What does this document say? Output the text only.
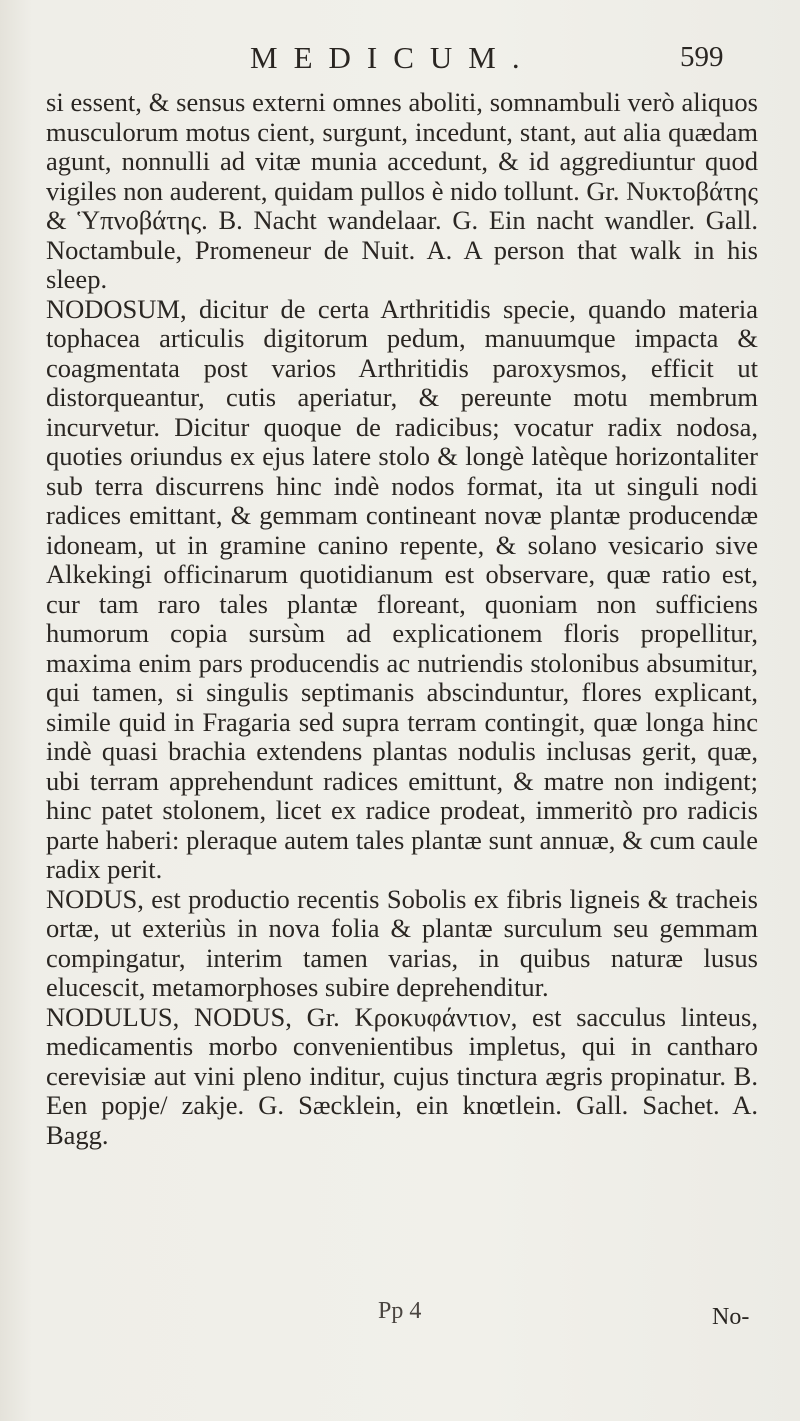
MEDICUM.	599

si essent, & sensus externi omnes aboliti, somnambuli verò aliquos musculorum motus cient, surgunt, incedunt, stant, aut alia quædam agunt, nonnulli ad vitæ munia accedunt, & id aggrediuntur quod vigiles non auderent, quidam pullos è nido tollunt. Gr. Νυκτοβάτης & Ὑπνοβάτης. B. Nacht wandelaar. G. Ein nacht wandler. Gall. Noctambule, Promeneur de Nuit. A. A person that walk in his sleep.

NODOSUM, dicitur de certa Arthritidis specie, quando materia tophacea articulis digitorum pedum, manuumque impacta & coagmentata post varios Arthritidis paroxysmos, efficit ut distorqueantur, cutis aperiatur, & pereunte motu membrum incurvetur. Dicitur quoque de radicibus; vocatur radix nodosa, quoties oriundus ex ejus latere stolo & longè latèque horizontaliter sub terra discurrens hinc indè nodos format, ita ut singuli nodi radices emittant, & gemmam contineant novæ plantæ producendæ idoneam, ut in gramine canino repente, & solano vesicario sive Alkekingi officinarum quotidianum est observare, quæ ratio est, cur tam raro tales plantæ floreant, quoniam non sufficiens humorum copia sursùm ad explicationem floris propellitur, maxima enim pars producendis ac nutriendis stolonibus absumitur, qui tamen, si singulis septimanis abscinduntur, flores explicant, simile quid in Fragaria sed supra terram contingit, quæ longa hinc indè quasi brachia extendens plantas nodulis inclusas gerit, quæ, ubi terram apprehendunt radices emittunt, & matre non indigent; hinc patet stolonem, licet ex radice prodeat, immeritò pro radicis parte haberi: pleraque autem tales plantæ sunt annuæ, & cum caule radix perit.

NODUS, est productio recentis Sobolis ex fibris ligneis & tracheis ortæ, ut exteriùs in nova folia & plantæ surculum seu gemmam compingatur, interim tamen varias, in quibus naturæ lusus elucescit, metamorphoses subire deprehenditur.

NODULUS, NODUS, Gr. Κροκυφάντιον, est sacculus linteus, medicamentis morbo convenientibus impletus, qui in cantharo cerevisiæ aut vini pleno inditur, cujus tinctura ægris propinatur. B. Een popje/ zakje. G. Sæcklein, ein knœtlein. Gall. Sachet. A. Bagg.

Pp 4	No-
